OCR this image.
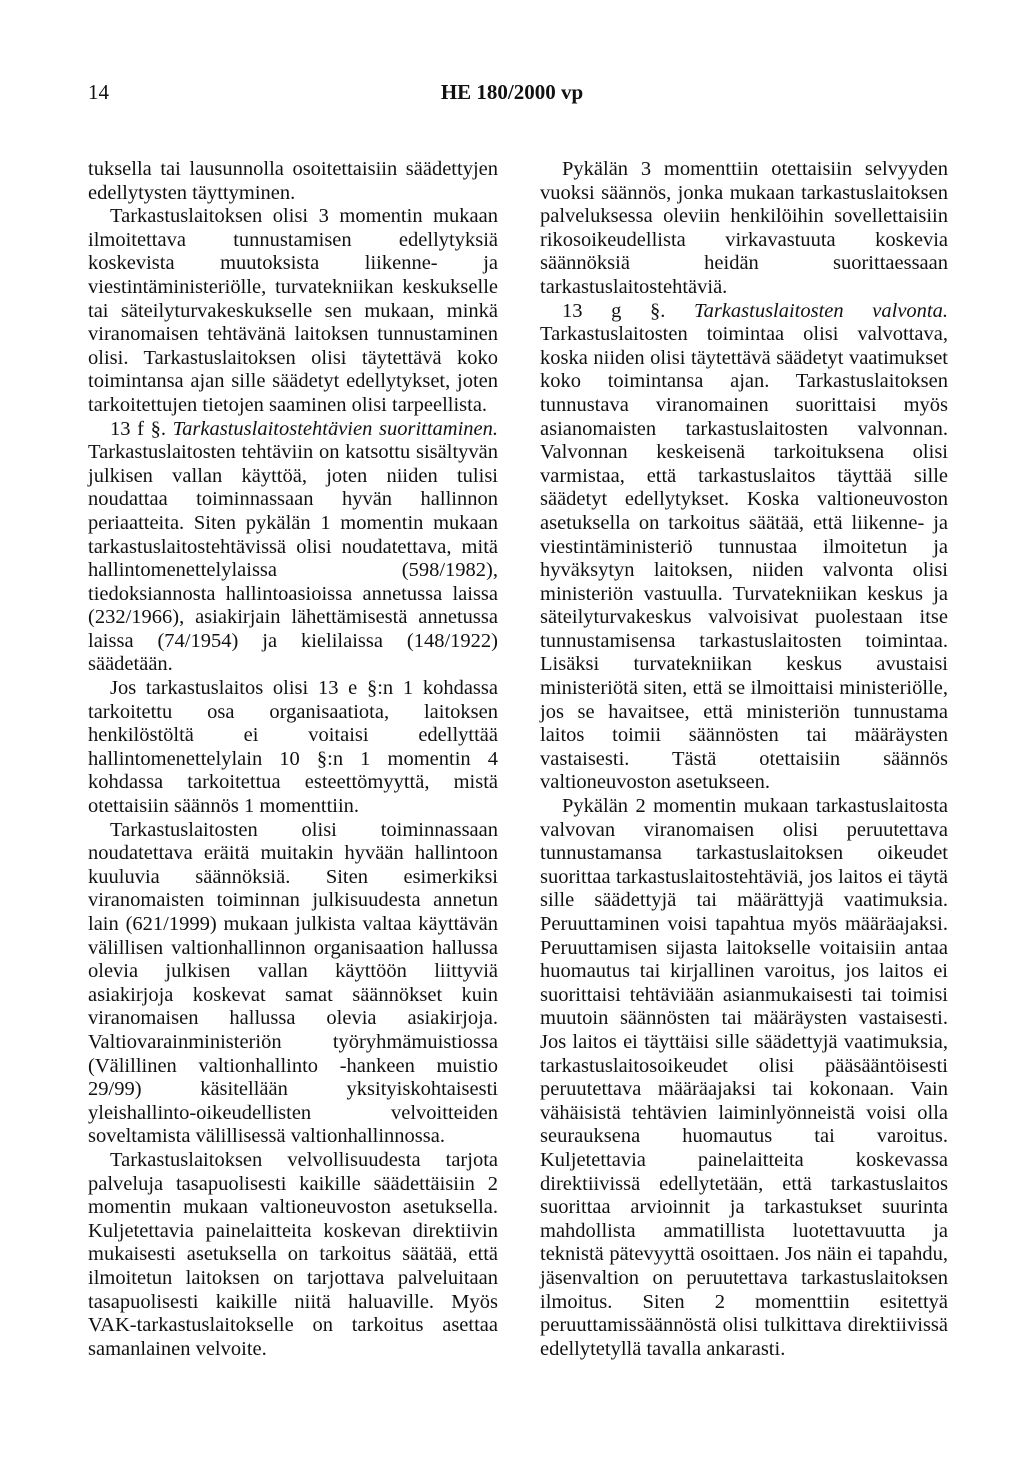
14	HE 180/2000 vp

tuksella tai lausunnolla osoitettaisiin säädettyjen edellytysten täyttyminen.

Tarkastuslaitoksen olisi 3 momentin mukaan ilmoitettava tunnustamisen edellytyksiä koskevista muutoksista liikenne- ja viestintäministeriölle, turvatekniikan keskukselle tai säteilyturvakeskukselle sen mukaan, minkä viranomaisen tehtävänä laitoksen tunnustaminen olisi. Tarkastuslaitoksen olisi täytettävä koko toimintansa ajan sille säädetyt edellytykset, joten tarkoitettujen tietojen saaminen olisi tarpeellista.

13 f §. Tarkastuslaitostehtävien suorittaminen. Tarkastuslaitosten tehtäviin on katsottu sisältyvän julkisen vallan käyttöä, joten niiden tulisi noudattaa toiminnassaan hyvän hallinnon periaatteita. Siten pykälän 1 momentin mukaan tarkastuslaitostehtävissä olisi noudatettava, mitä hallintomenettelylaissa (598/1982), tiedoksiannosta hallintoasioissa annetussa laissa (232/1966), asiakirjain lähettämisestä annetussa laissa (74/1954) ja kielilaissa (148/1922) säädetään.

Jos tarkastuslaitos olisi 13 e §:n 1 kohdassa tarkoitettu osa organisaatiota, laitoksen henkilöstöltä ei voitaisi edellyttää hallintomenettelylain 10 §:n 1 momentin 4 kohdassa tarkoitettua esteettömyyttä, mistä otettaisiin säännös 1 momenttiin.

Tarkastuslaitosten olisi toiminnassaan noudatettava eräitä muitakin hyvään hallintoon kuuluvia säännöksiä. Siten esimerkiksi viranomaisten toiminnan julkisuudesta annetun lain (621/1999) mukaan julkista valtaa käyttävän välillisen valtionhallinnon organisaation hallussa olevia julkisen vallan käyttöön liittyviä asiakirjoja koskevat samat säännökset kuin viranomaisen hallussa olevia asiakirjoja. Valtiovarainministeriön työryhmämuistiossa (Välillinen valtionhallinto -hankeen muistio 29/99) käsitellään yksityiskohtaisesti yleishallinto-oikeudellisten velvoitteiden soveltamista välillisessä valtionhallinnossa.

Tarkastuslaitoksen velvollisuudesta tarjota palveluja tasapuolisesti kaikille säädettäisiin 2 momentin mukaan valtioneuvoston asetuksella. Kuljetettavia painelaitteita koskevan direktiivin mukaisesti asetuksella on tarkoitus säätää, että ilmoitetun laitoksen on tarjottava palveluitaan tasapuolisesti kaikille niitä haluaville. Myös VAK-tarkastuslaitokselle on tarkoitus asettaa samanlainen velvoite.

Pykälän 3 momenttiin otettaisiin selvyyden vuoksi säännös, jonka mukaan tarkastuslaitoksen palveluksessa oleviin henkilöihin sovellettaisiin rikosoikeudellista virkavastuuta koskevia säännöksiä heidän suorittaessaan tarkastuslaitostehtäviä.

13 g §. Tarkastuslaitosten valvonta. Tarkastuslaitosten toimintaa olisi valvottava, koska niiden olisi täytettävä säädetyt vaatimukset koko toimintansa ajan. Tarkastuslaitoksen tunnustava viranomainen suorittaisi myös asianomaisten tarkastuslaitosten valvonnan. Valvonnan keskeisenä tarkoituksena olisi varmistaa, että tarkastuslaitos täyttää sille säädetyt edellytykset. Koska valtioneuvoston asetuksella on tarkoitus säätää, että liikenne- ja viestintäministeriö tunnustaa ilmoitetun ja hyväksytyn laitoksen, niiden valvonta olisi ministeriön vastuulla. Turvatekniikan keskus ja säteilyturvakeskus valvoisivat puolestaan itse tunnustamisensa tarkastuslaitosten toimintaa. Lisäksi turvatekniikan keskus avustaisi ministeriötä siten, että se ilmoittaisi ministeriölle, jos se havaitsee, että ministeriön tunnustama laitos toimii säännösten tai määräysten vastaisesti. Tästä otettaisiin säännös valtioneuvoston asetukseen.

Pykälän 2 momentin mukaan tarkastuslaitosta valvovan viranomaisen olisi peruutettava tunnustamansa tarkastuslaitoksen oikeudet suorittaa tarkastuslaitostehtäviä, jos laitos ei täytä sille säädettyjä tai määrättyjä vaatimuksia. Peruuttaminen voisi tapahtua myös määräajaksi. Peruuttamisen sijasta laitokselle voitaisiin antaa huomautus tai kirjallinen varoitus, jos laitos ei suorittaisi tehtäviään asianmukaisesti tai toimisi muutoin säännösten tai määräysten vastaisesti. Jos laitos ei täyttäisi sille säädettyjä vaatimuksia, tarkastuslaitosoikeudet olisi pääsääntöisesti peruutettava määräajaksi tai kokonaan. Vain vähäisistä tehtävien laiminlyönneistä voisi olla seurauksena huomautus tai varoitus. Kuljetettavia painelaitteita koskevassa direktiivissä edellytetään, että tarkastuslaitos suorittaa arvioinnit ja tarkastukset suurinta mahdollista ammatillista luotettavuutta ja teknistä pätevyyttä osoittaen. Jos näin ei tapahdu, jäsenvaltion on peruutettava tarkastuslaitoksen ilmoitus. Siten 2 momenttiin esitettyä peruuttamissäännöstä olisi tulkittava direktiivissä edellytetyllä tavalla ankarasti.
